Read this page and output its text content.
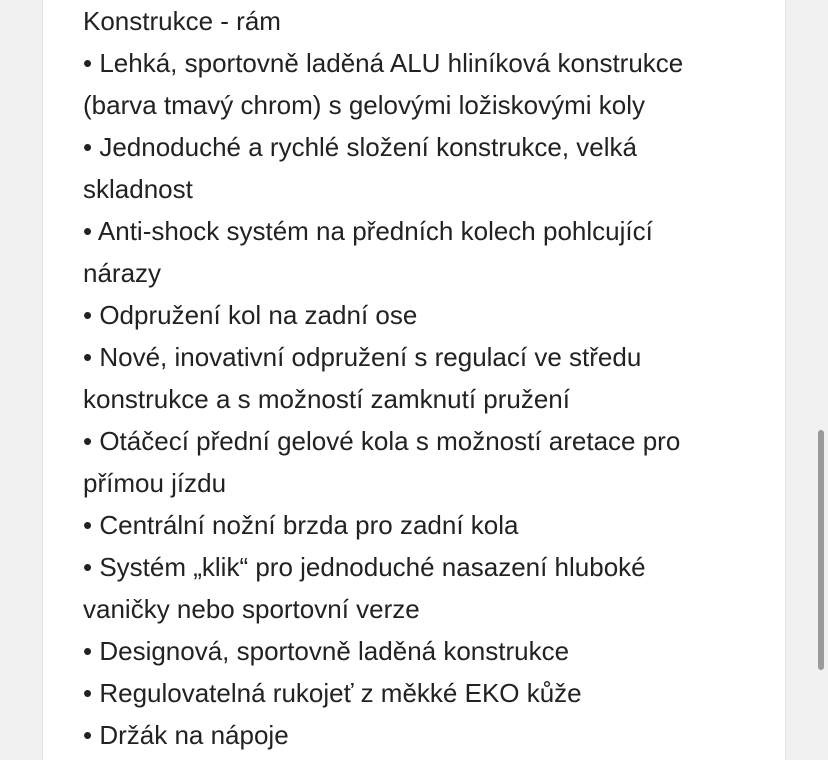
Konstrukce - rám
• Lehká, sportovně laděná ALU hliníková konstrukce
(barva tmavý chrom) s gelovými ložiskovými koly
• Jednoduché a rychlé složení konstrukce, velká
skladnost
• Anti-shock systém na předních kolech pohlcující
nárazy
• Odpružení kol na zadní ose
• Nové, inovativní odpružení s regulací ve středu
konstrukce a s možností zamknutí pružení
• Otáčecí přední gelové kola s možností aretace pro
přímou jízdu
• Centrální nožní brzda pro zadní kola
• Systém „klik“ pro jednoduché nasazení hluboké
vaničky nebo sportovní verze
• Designová, sportovně laděná konstrukce
• Regulovatelná rukojeť z měkké EKO kůže
• Držák na nápoje
